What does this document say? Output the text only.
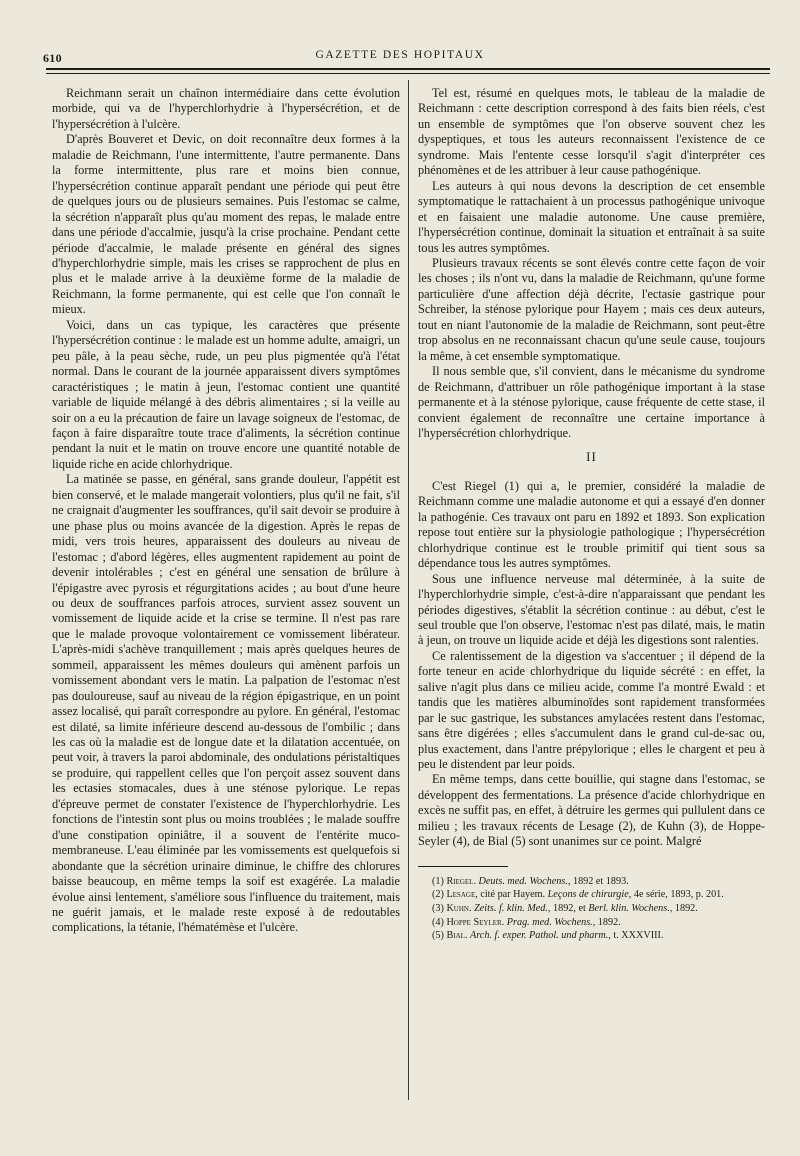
610	GAZETTE DES HOPITAUX

Reichmann serait un chaînon intermédiaire dans cette évolution morbide, qui va de l'hyperchlorhydrie à l'hypersécrétion, et de l'hypersécrétion à l'ulcère.

D'après Bouveret et Devic, on doit reconnaître deux formes à la maladie de Reichmann, l'une intermittente, l'autre permanente. Dans la forme intermittente, plus rare et moins bien connue, l'hypersécrétion continue apparaît pendant une période qui peut être de quelques jours ou de plusieurs semaines. Puis l'estomac se calme, la sécrétion n'apparaît plus qu'au moment des repas, le malade entre dans une période d'accalmie, jusqu'à la crise prochaine. Pendant cette période d'accalmie, le malade présente en général des signes d'hyperchlorhydrie simple, mais les crises se rapprochent de plus en plus et le malade arrive à la deuxième forme de la maladie de Reichmann, la forme permanente, qui est celle que l'on connaît le mieux.

Voici, dans un cas typique, les caractères que présente l'hypersécrétion continue : le malade est un homme adulte, amaigri, un peu pâle, à la peau sèche, rude, un peu plus pigmentée qu'à l'état normal. Dans le courant de la journée apparaissent divers symptômes caractéristiques ; le matin à jeun, l'estomac contient une quantité variable de liquide mélangé à des débris alimentaires ; si la veille au soir on a eu la précaution de faire un lavage soigneux de l'estomac, de façon à faire disparaître toute trace d'aliments, la sécrétion continue pendant la nuit et le matin on trouve encore une quantité notable de liquide riche en acide chlorhydrique.

La matinée se passe, en général, sans grande douleur, l'appétit est bien conservé, et le malade mangerait volontiers, plus qu'il ne fait, s'il ne craignait d'augmenter les souffrances, qu'il sait devoir se produire à une phase plus ou moins avancée de la digestion. Après le repas de midi, vers trois heures, apparaissent des douleurs au niveau de l'estomac ; d'abord légères, elles augmentent rapidement au point de devenir intolérables ; c'est en général une sensation de brûlure à l'épigastre avec pyrosis et régurgitations acides ; au bout d'une heure ou deux de souffrances parfois atroces, survient assez souvent un vomissement de liquide acide et la crise se termine. Il n'est pas rare que le malade provoque volontairement ce vomissement libérateur. L'après-midi s'achève tranquillement ; mais après quelques heures de sommeil, apparaissent les mêmes douleurs qui amènent parfois un vomissement abondant vers le matin. La palpation de l'estomac n'est pas douloureuse, sauf au niveau de la région épigastrique, en un point assez localisé, qui paraît correspondre au pylore. En général, l'estomac est dilaté, sa limite inférieure descend au-dessous de l'ombilic ; dans les cas où la maladie est de longue date et la dilatation accentuée, on peut voir, à travers la paroi abdominale, des ondulations péristaltiques se produire, qui rappellent celles que l'on perçoit assez souvent dans les ectasies stomacales, dues à une sténose pylorique. Le repas d'épreuve permet de constater l'existence de l'hyperchlorhydrie. Les fonctions de l'intestin sont plus ou moins troublées ; le malade souffre d'une constipation opiniâtre, il a souvent de l'entérite muco-membraneuse. L'eau éliminée par les vomissements est quelquefois si abondante que la sécrétion urinaire diminue, le chiffre des chlorures baisse beaucoup, en même temps la soif est exagérée. La maladie évolue ainsi lentement, s'améliore sous l'influence du traitement, mais ne guérit jamais, et le malade reste exposé à de redoutables complications, la tétanie, l'hématémèse et l'ulcère.

Tel est, résumé en quelques mots, le tableau de la maladie de Reichmann : cette description correspond à des faits bien réels, c'est un ensemble de symptômes que l'on observe souvent chez les dyspeptiques, et tous les auteurs reconnaissent l'existence de ce syndrome. Mais l'entente cesse lorsqu'il s'agit d'interpréter ces phénomènes et de les attribuer à leur cause pathogénique.

Les auteurs à qui nous devons la description de cet ensemble symptomatique le rattachaient à un processus pathogénique univoque et en faisaient une maladie autonome. Une cause première, l'hypersécrétion continue, dominait la situation et entraînait à sa suite tous les autres symptômes.

Plusieurs travaux récents se sont élevés contre cette façon de voir les choses ; ils n'ont vu, dans la maladie de Reichmann, qu'une forme particulière d'une affection déjà décrite, l'ectasie gastrique pour Schreiber, la sténose pylorique pour Hayem ; mais ces deux auteurs, tout en niant l'autonomie de la maladie de Reichmann, sont peut-être trop absolus en ne reconnaissant chacun qu'une seule cause, toujours la même, à cet ensemble symptomatique.

Il nous semble que, s'il convient, dans le mécanisme du syndrome de Reichmann, d'attribuer un rôle pathogénique important à la stase permanente et à la sténose pylorique, cause fréquente de cette stase, il convient également de reconnaître une certaine importance à l'hypersécrétion chlorhydrique.

II

C'est Riegel (1) qui a, le premier, considéré la maladie de Reichmann comme une maladie autonome et qui a essayé d'en donner la pathogénie. Ces travaux ont paru en 1892 et 1893. Son explication repose tout entière sur la physiologie pathologique ; l'hypersécrétion chlorhydrique continue est le trouble primitif qui tient sous sa dépendance tous les autres symptômes.

Sous une influence nerveuse mal déterminée, à la suite de l'hyperchlorhydrie simple, c'est-à-dire n'apparaissant que pendant les périodes digestives, s'établit la sécrétion continue : au début, c'est le seul trouble que l'on observe, l'estomac n'est pas dilaté, mais, le matin à jeun, on trouve un liquide acide et déjà les digestions sont ralenties.

Ce ralentissement de la digestion va s'accentuer ; il dépend de la forte teneur en acide chlorhydrique du liquide sécrété : en effet, la salive n'agit plus dans ce milieu acide, comme l'a montré Ewald : et tandis que les matières albuminoïdes sont rapidement transformées par le suc gastrique, les substances amylacées restent dans l'estomac, sans être digérées ; elles s'accumulent dans le grand cul-de-sac ou, plus exactement, dans l'antre prépylorique ; elles le chargent et peu à peu le distendent par leur poids.

En même temps, dans cette bouillie, qui stagne dans l'estomac, se développent des fermentations. La présence d'acide chlorhydrique en excès ne suffit pas, en effet, à détruire les germes qui pullulent dans ce milieu ; les travaux récents de Lesage (2), de Kuhn (3), de Hoppe-Seyler (4), de Bial (5) sont unanimes sur ce point. Malgré

(1) Riegel. Deuts. med. Wochens., 1892 et 1893.

(2) Lesage, cité par Hayem. Leçons de chirurgie, 4e série, 1893, p. 201.

(3) Kuhn. Zeits. f. klin. Med., 1892, et Berl. klin. Wochens., 1892.

(4) Hoppe Seyler. Prag. med. Wochens., 1892.

(5) Bial. Arch. f. exper. Pathol. und pharm., t. XXXVIII.
